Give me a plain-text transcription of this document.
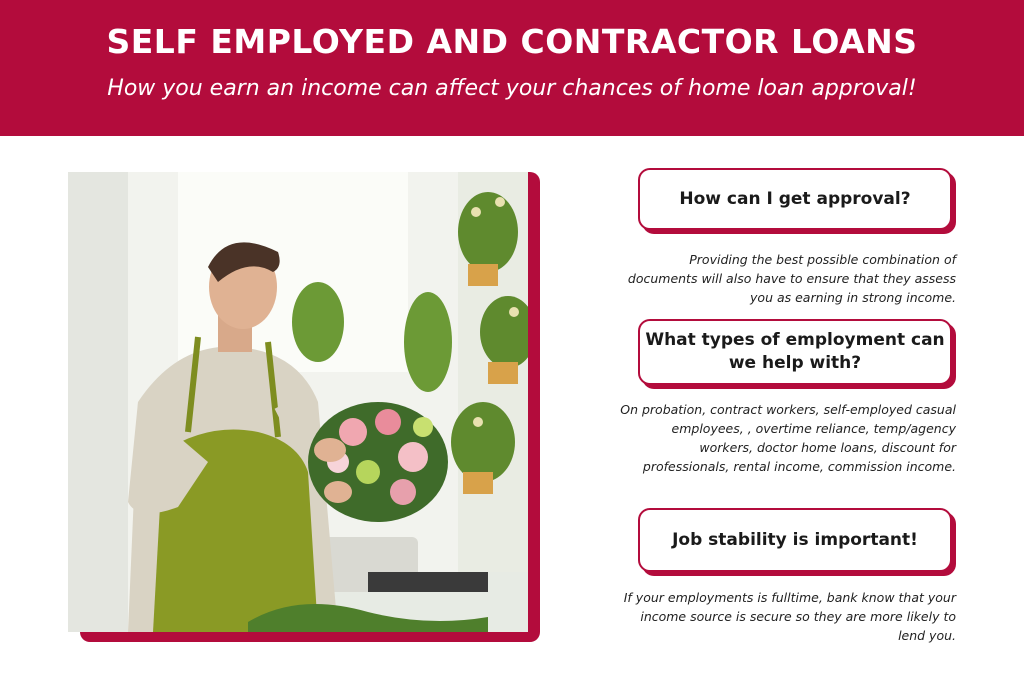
SELF EMPLOYED AND CONTRACTOR LOANS
How you earn an income can affect your chances of home loan approval!
How can I get approval?
Providing the best possible combination of documents will also have to ensure that they assess you as earning in strong income.
What types of employment can we help with?
On probation, contract workers, self-employed casual employees, , overtime reliance, temp/agency workers, doctor home loans, discount for professionals, rental income, commission income.
Job stability is important!
If your employments is fulltime, bank know that your income source is secure so they are more likely to lend you.
